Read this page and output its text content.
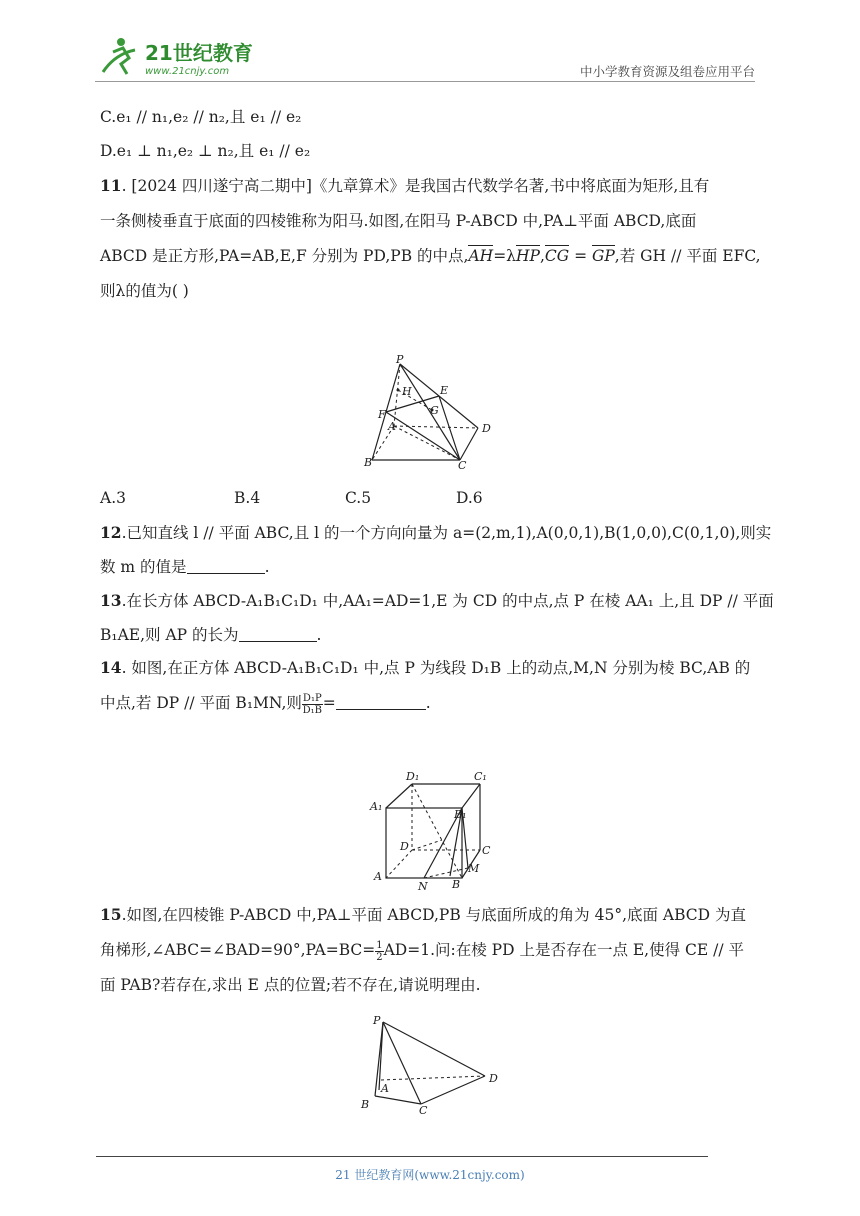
21世纪教育
www.21cnjy.com	中小学教育资源及组卷应用平台
C.e₁ // n₁,e₂ // n₂,且 e₁ // e₂
D.e₁ ⊥ n₁,e₂ ⊥ n₂,且 e₁ // e₂
11. [2024 四川遂宁高二期中]《九章算术》是我国古代数学名著,书中将底面为矩形,且有
一条侧棱垂直于底面的四棱锥称为阳马.如图,在阳马 P-ABCD 中,PA⊥平面 ABCD,底面
ABCD 是正方形,PA=AB,E,F 分别为 PD,PB 的中点,AH=λHP,CG = GP,若 GH // 平面 EFC,
则λ的值为( )
P
H	E
F	G
A	D
B	C
A.3	B.4	C.5	D.6
12.已知直线 l // 平面 ABC,且 l 的一个方向向量为 a=(2,m,1),A(0,0,1),B(1,0,0),C(0,1,0),则实
数 m 的值是	.
13.在长方体 ABCD-A₁B₁C₁D₁ 中,AA₁=AD=1,E 为 CD 的中点,点 P 在棱 AA₁ 上,且 DP // 平面
B₁AE,则 AP 的长为	.
14. 如图,在正方体 ABCD-A₁B₁C₁D₁ 中,点 P 为线段 D₁B 上的动点,M,N 分别为棱 BC,AB 的
中点,若 DP // 平面 B₁MN,则 $\frac{\text{D₁P}}{\text{D₁B}}=$	.
D₁	C₁
A₁
B₁
D	C
A
N B
M
15.如图,在四棱锥 P-ABCD 中,PA⊥平面 ABCD,PB 与底面所成的角为 45°,底面 ABCD 为直
角梯形,∠ABC=∠BAD=90°,PA=BC= $\frac{1}{2}AD=1$.问:在棱 PD 上是否存在一点 E,使得 CE // 平
面 PAB?若存在,求出 E 点的位置;若不存在,请说明理由.
P
A
B	C
D
21 世纪教育网(www.21cnjy.com)
